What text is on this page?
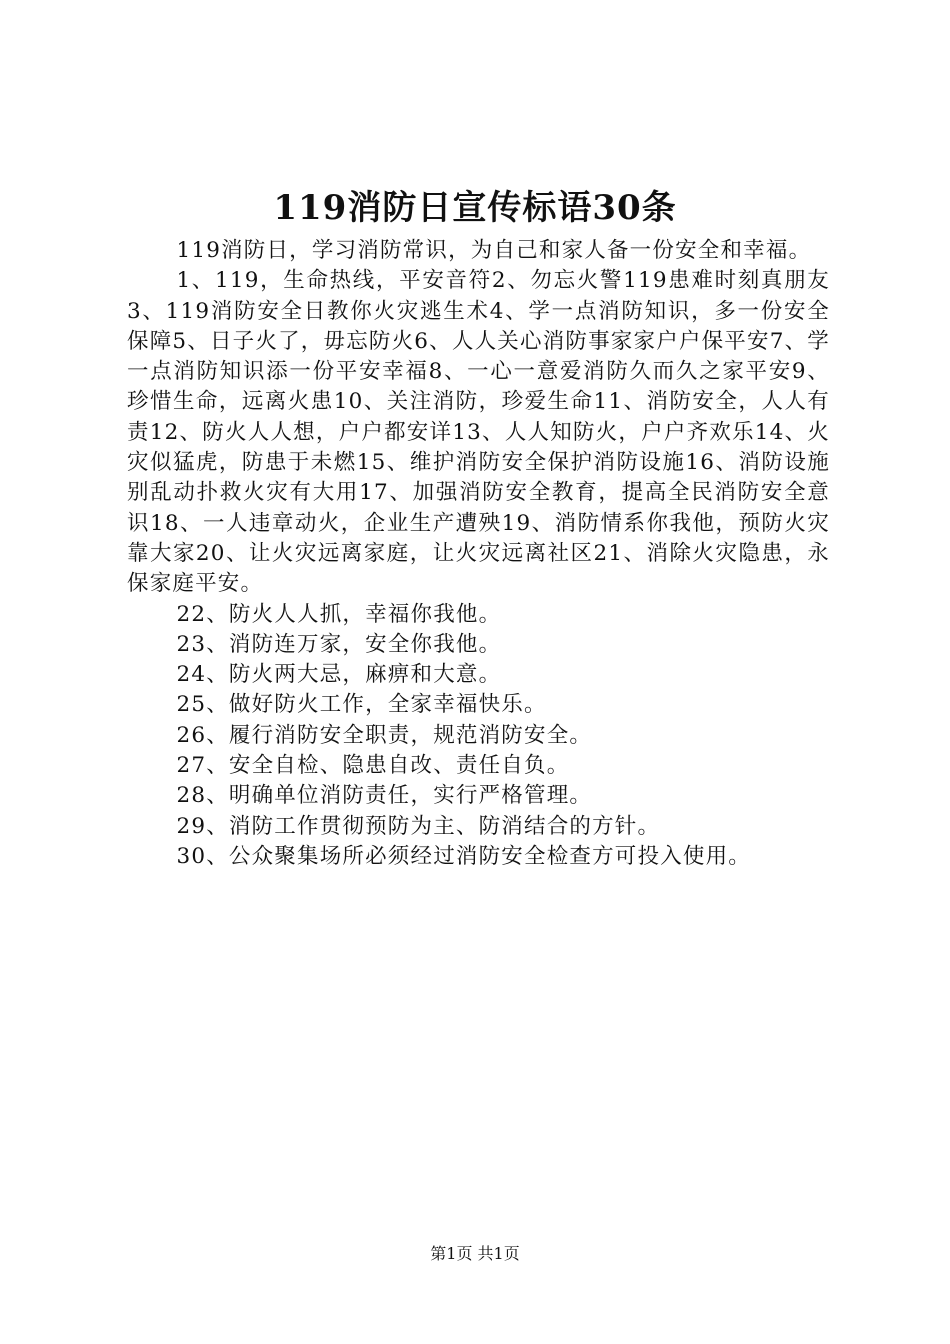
119消防日宣传标语30条

119消防日，学习消防常识，为自己和家人备一份安全和幸福。

1、119，生命热线，平安音符2、勿忘火警119患难时刻真朋友3、119消防安全日教你火灾逃生术4、学一点消防知识，多一份安全保障5、日子火了，毋忘防火6、人人关心消防事家家户户保平安7、学一点消防知识添一份平安幸福8、一心一意爱消防久而久之家平安9、珍惜生命，远离火患10、关注消防，珍爱生命11、消防安全，人人有责12、防火人人想，户户都安详13、人人知防火，户户齐欢乐14、火灾似猛虎，防患于未燃15、维护消防安全保护消防设施16、消防设施别乱动扑救火灾有大用17、加强消防安全教育，提高全民消防安全意识18、一人违章动火，企业生产遭殃19、消防情系你我他，预防火灾靠大家20、让火灾远离家庭，让火灾远离社区21、消除火灾隐患，永保家庭平安。

22、防火人人抓，幸福你我他。

23、消防连万家，安全你我他。

24、防火两大忌，麻痹和大意。

25、做好防火工作，全家幸福快乐。

26、履行消防安全职责，规范消防安全。

27、安全自检、隐患自改、责任自负。

28、明确单位消防责任，实行严格管理。

29、消防工作贯彻预防为主、防消结合的方针。

30、公众聚集场所必须经过消防安全检查方可投入使用。

第1页 共1页
